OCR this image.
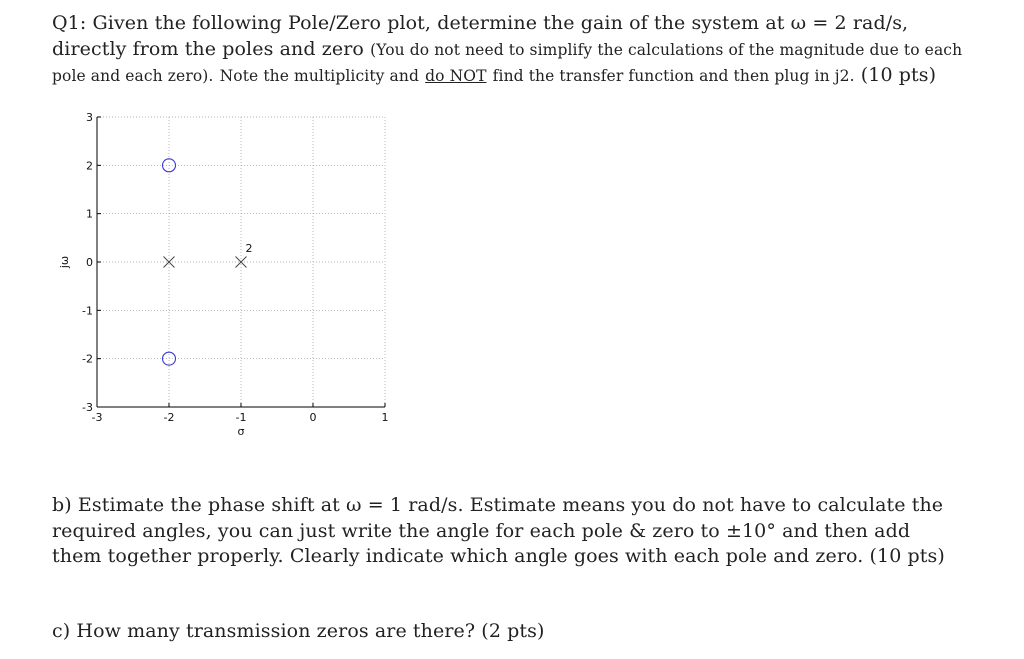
Q1: Given the following Pole/Zero plot, determine the gain of the system at ω = 2 rad/s, directly from the poles and zero (You do not need to simplify the calculations of the magnitude due to each pole and each zero). Note the multiplicity and do NOT find the transfer function and then plug in j2. (10 pts)

-3	-2	-1	0	1
3
2
1
0
-1
-2
-3
2
σ
jω

b) Estimate the phase shift at ω = 1 rad/s. Estimate means you do not have to calculate the required angles, you can just write the angle for each pole & zero to ±10° and then add them together properly. Clearly indicate which angle goes with each pole and zero. (10 pts)

c) How many transmission zeros are there? (2 pts)
